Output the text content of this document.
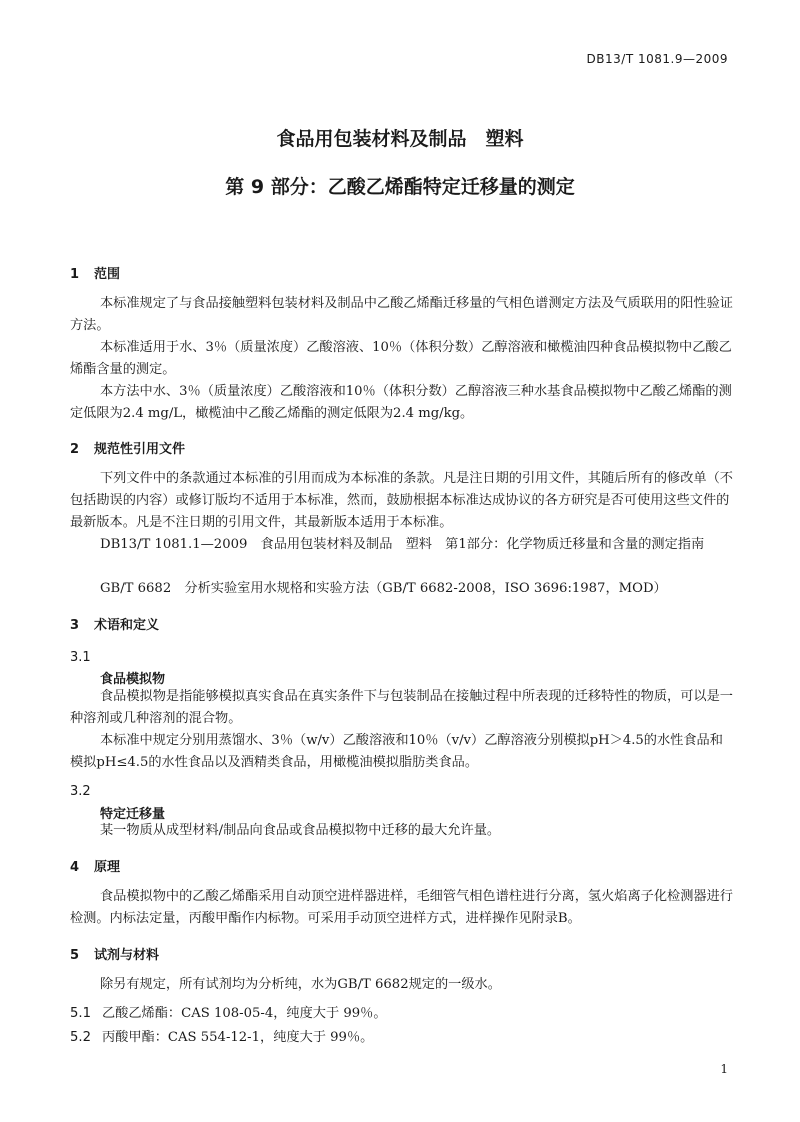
DB13/T 1081.9—2009
食品用包装材料及制品　塑料
第 9 部分：乙酸乙烯酯特定迁移量的测定
1 范围

本标准规定了与食品接触塑料包装材料及制品中乙酸乙烯酯迁移量的气相色谱测定方法及气质联用的阳性验证方法。

本标准适用于水、3％（质量浓度）乙酸溶液、10％（体积分数）乙醇溶液和橄榄油四种食品模拟物中乙酸乙烯酯含量的测定。

本方法中水、3％（质量浓度）乙酸溶液和10％（体积分数）乙醇溶液三种水基食品模拟物中乙酸乙烯酯的测定低限为2.4 mg/L，橄榄油中乙酸乙烯酯的测定低限为2.4 mg/kg。

2 规范性引用文件

下列文件中的条款通过本标准的引用而成为本标准的条款。凡是注日期的引用文件，其随后所有的修改单（不包括勘误的内容）或修订版均不适用于本标准，然而，鼓励根据本标准达成协议的各方研究是否可使用这些文件的最新版本。凡是不注日期的引用文件，其最新版本适用于本标准。

DB13/T 1081.1—2009　食品用包装材料及制品　塑料　第1部分：化学物质迁移量和含量的测定指南

GB/T 6682　分析实验室用水规格和实验方法（GB/T 6682-2008，ISO 3696:1987，MOD）

3 术语和定义
3.1
食品模拟物

食品模拟物是指能够模拟真实食品在真实条件下与包装制品在接触过程中所表现的迁移特性的物质，可以是一种溶剂或几种溶剂的混合物。

本标准中规定分别用蒸馏水、3％（w/v）乙酸溶液和10％（v/v）乙醇溶液分别模拟pH＞4.5的水性食品和模拟pH≤4.5的水性食品以及酒精类食品，用橄榄油模拟脂肪类食品。

3.2
特定迁移量

某一物质从成型材料/制品向食品或食品模拟物中迁移的最大允许量。

4 原理

食品模拟物中的乙酸乙烯酯采用自动顶空进样器进样，毛细管气相色谱柱进行分离，氢火焰离子化检测器进行检测。内标法定量，丙酸甲酯作内标物。可采用手动顶空进样方式，进样操作见附录B。

5 试剂与材料

除另有规定，所有试剂均为分析纯，水为GB/T 6682规定的一级水。

5.1 乙酸乙烯酯：CAS 108-05-4，纯度大于 99％。
5.2 丙酸甲酯：CAS 554-12-1，纯度大于 99％。
1
